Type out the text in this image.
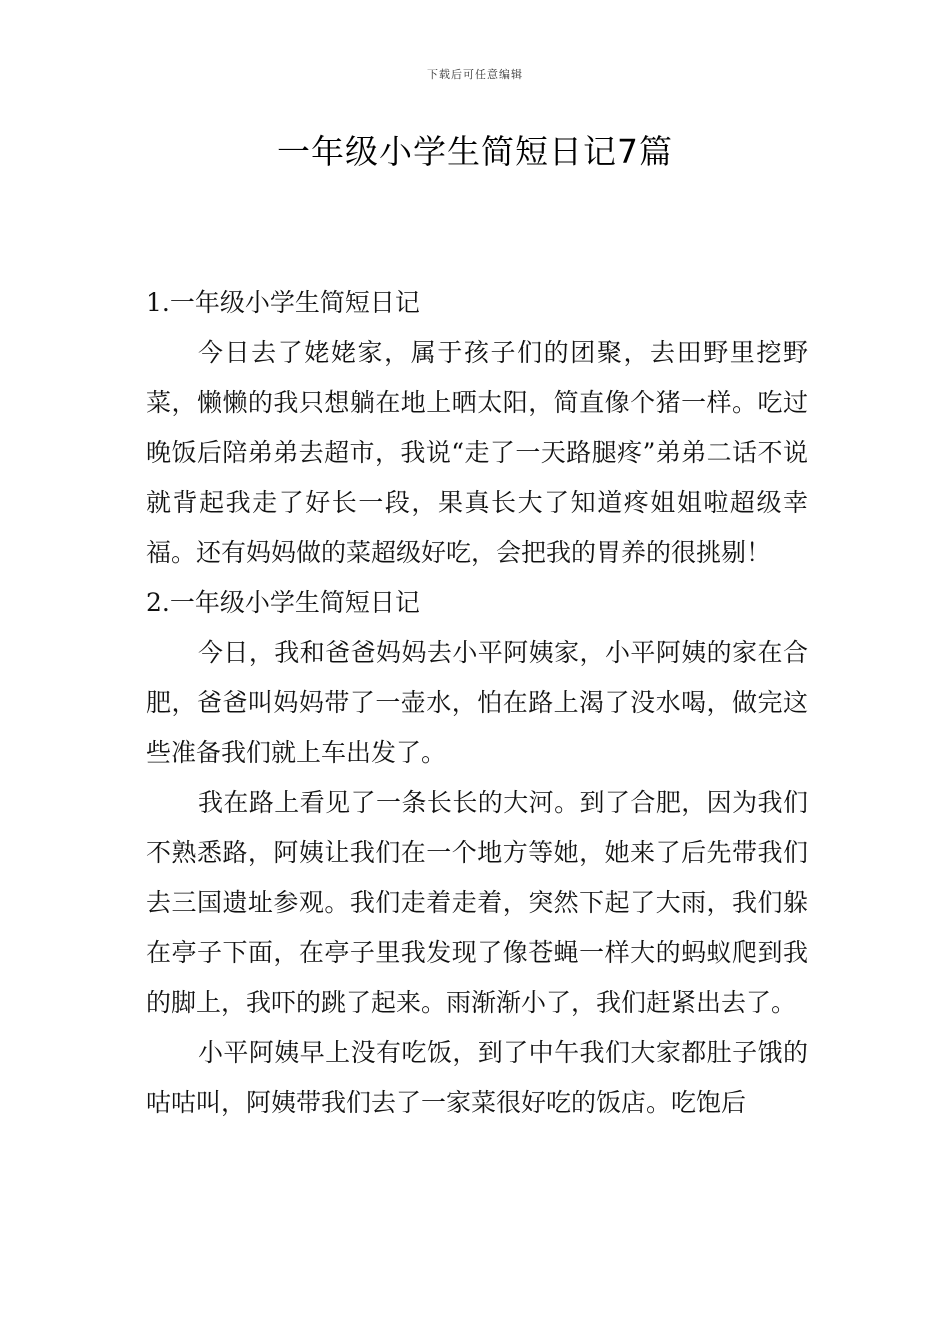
下载后可任意编辑
一年级小学生简短日记7篇
1.一年级小学生简短日记

今日去了姥姥家，属于孩子们的团聚，去田野里挖野菜，懒懒的我只想躺在地上晒太阳，简直像个猪一样。吃过晚饭后陪弟弟去超市，我说“走了一天路腿疼”弟弟二话不说就背起我走了好长一段，果真长大了知道疼姐姐啦超级幸福。还有妈妈做的菜超级好吃，会把我的胃养的很挑剔！

2.一年级小学生简短日记

今日，我和爸爸妈妈去小平阿姨家，小平阿姨的家在合肥，爸爸叫妈妈带了一壶水，怕在路上渴了没水喝，做完这些准备我们就上车出发了。

我在路上看见了一条长长的大河。到了合肥，因为我们不熟悉路，阿姨让我们在一个地方等她，她来了后先带我们去三国遗址参观。我们走着走着，突然下起了大雨，我们躲在亭子下面，在亭子里我发现了像苍蝇一样大的蚂蚁爬到我的脚上，我吓的跳了起来。雨渐渐小了，我们赶紧出去了。

小平阿姨早上没有吃饭，到了中午我们大家都肚子饿的咕咕叫，阿姨带我们去了一家菜很好吃的饭店。吃饱后
